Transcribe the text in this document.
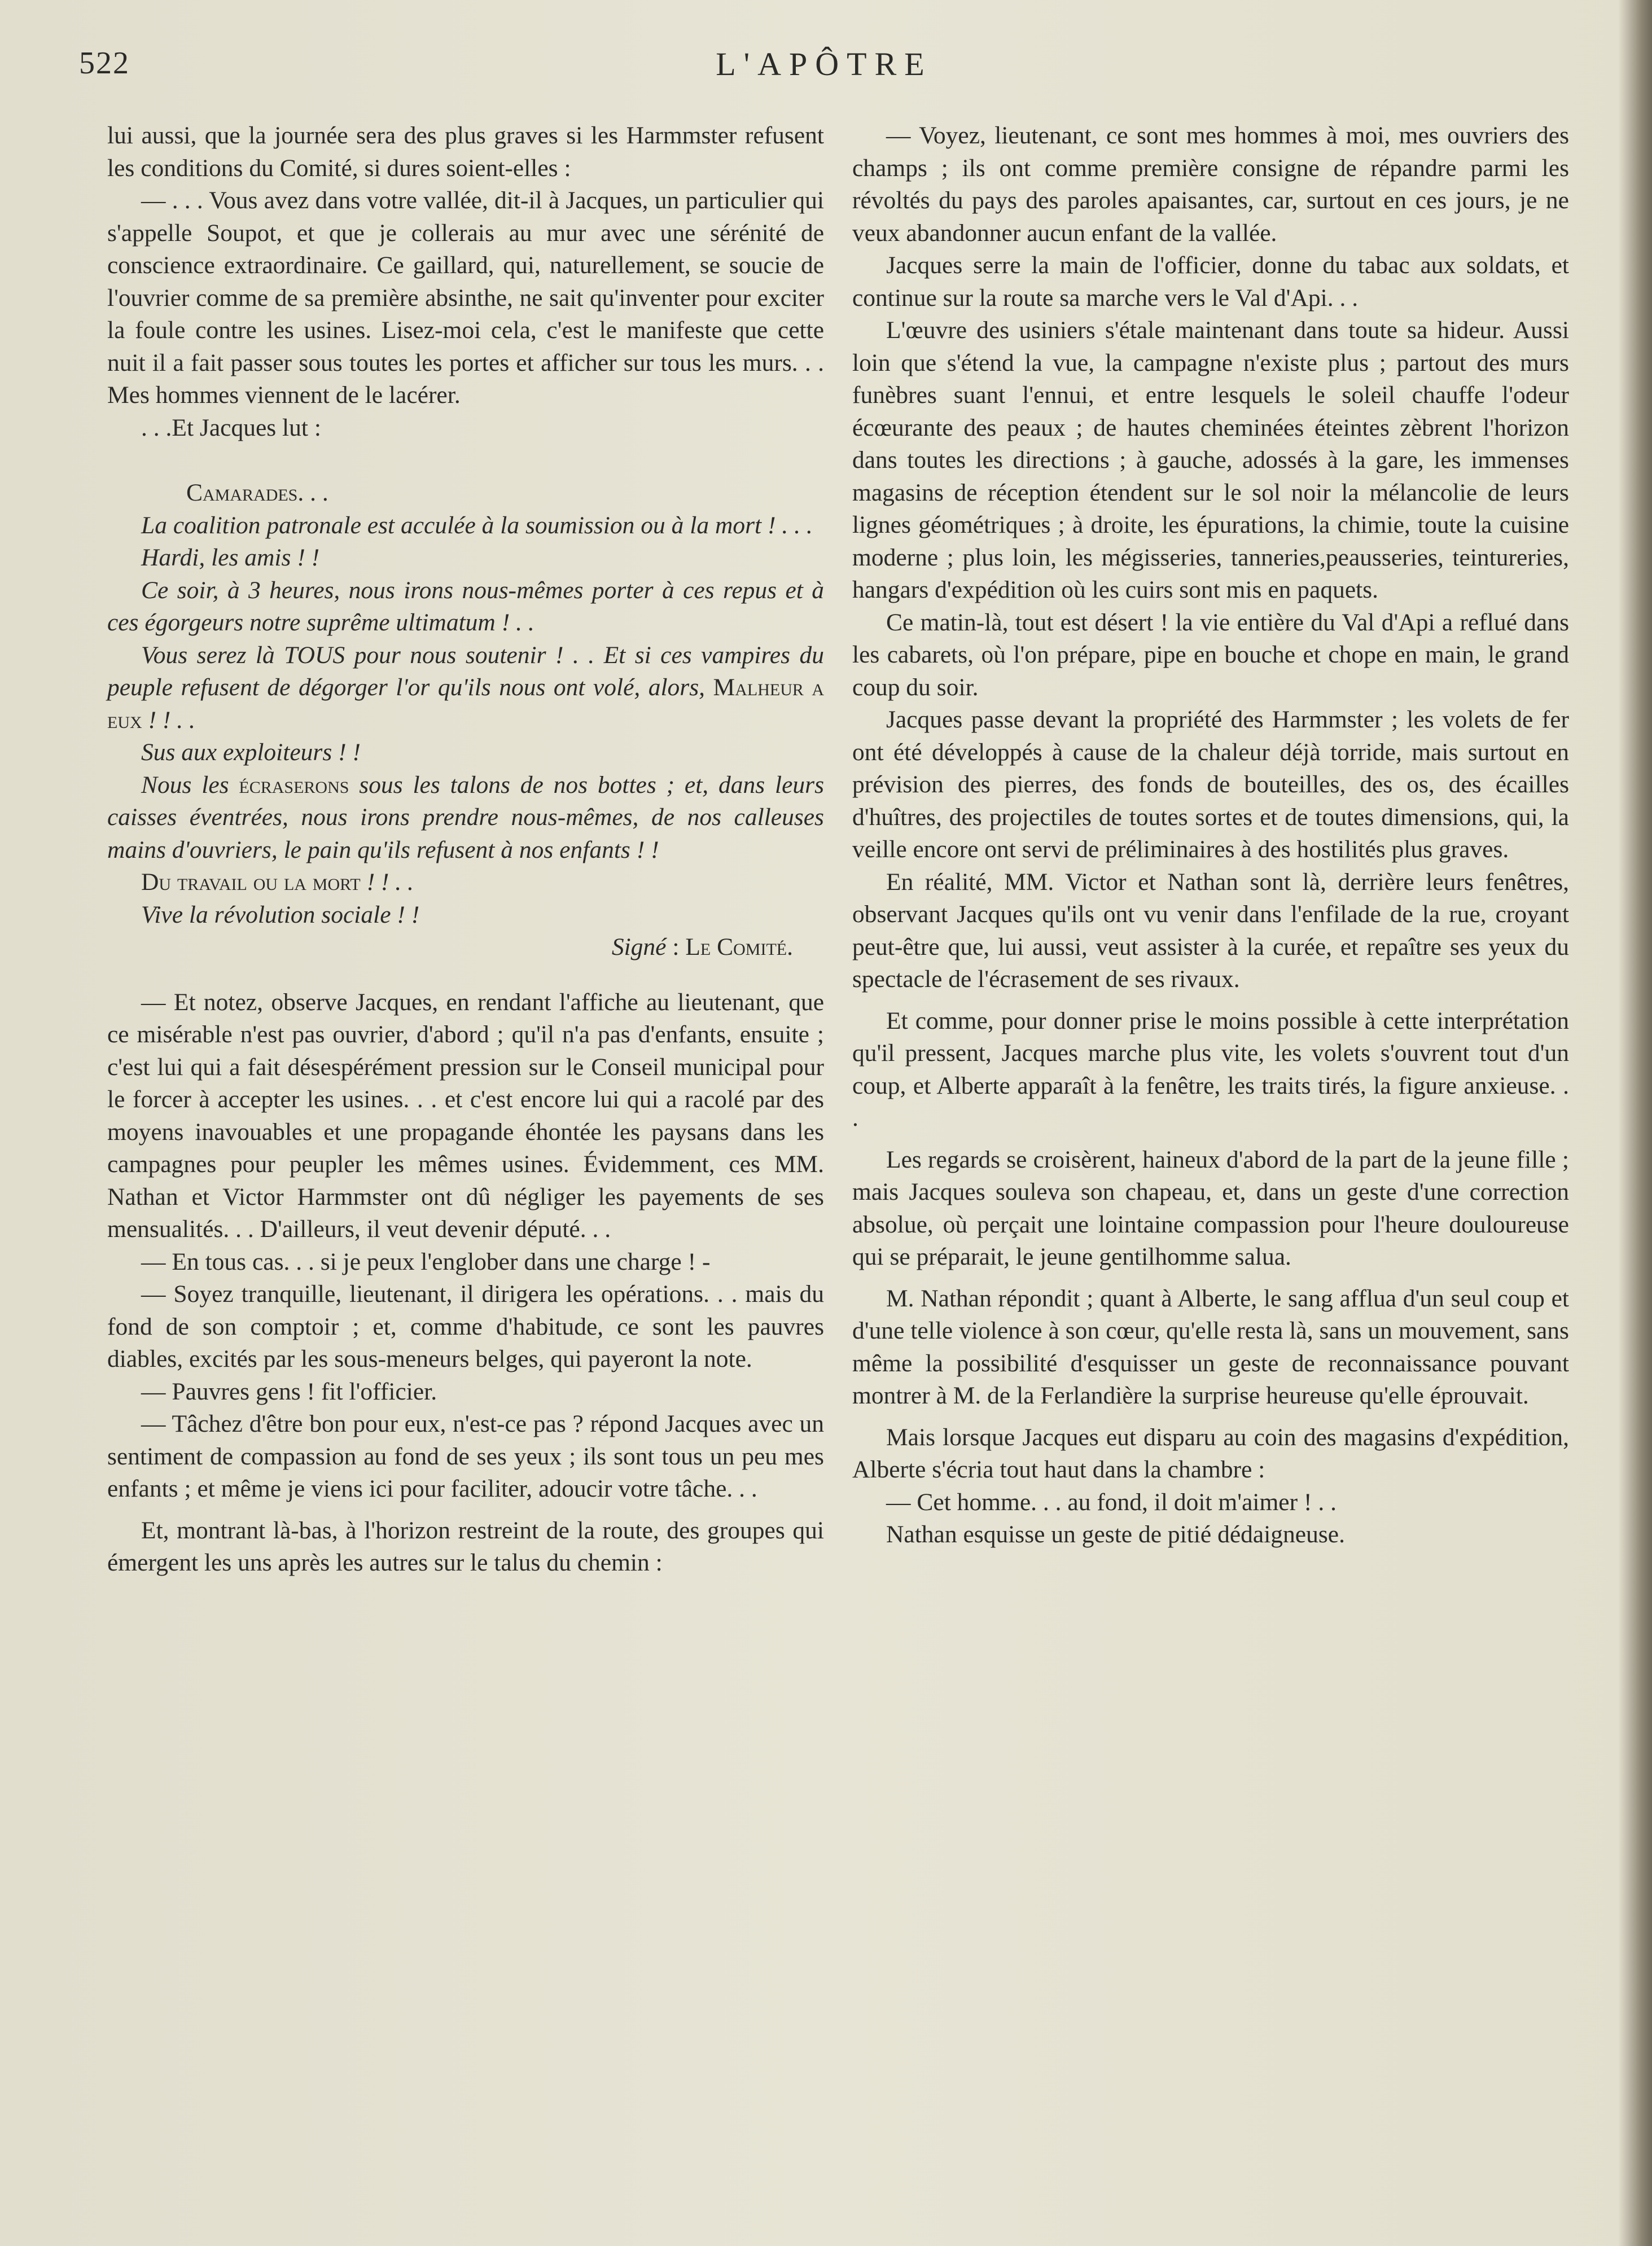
522	L'APÔTRE

lui aussi, que la journée sera des plus graves si les Harmmster refusent les conditions du Comité, si dures soient-elles :

— . . . Vous avez dans votre vallée, dit-il à Jacques, un particulier qui s'appelle Soupot, et que je collerais au mur avec une sérénité de conscience extraordinaire. Ce gaillard, qui, naturellement, se soucie de l'ouvrier comme de sa première absinthe, ne sait qu'inventer pour exciter la foule contre les usines. Lisez-moi cela, c'est le manifeste que cette nuit il a fait passer sous toutes les portes et afficher sur tous les murs. . . Mes hommes viennent de le lacérer.

. . .Et Jacques lut :

Camarades. . .

La coalition patronale est acculée à la soumission ou à la mort ! . . .

Hardi, les amis ! !

Ce soir, à 3 heures, nous irons nous-mêmes porter à ces repus et à ces égorgeurs notre suprême ultimatum ! . .

Vous serez là TOUS pour nous soutenir ! . . Et si ces vampires du peuple refusent de dégorger l'or qu'ils nous ont volé, alors, Malheur a eux ! ! . .

Sus aux exploiteurs ! !

Nous les écraserons sous les talons de nos bottes ; et, dans leurs caisses éventrées, nous irons prendre nous-mêmes, de nos calleuses mains d'ouvriers, le pain qu'ils refusent à nos enfants ! !

Du travail ou la mort ! ! . .

Vive la révolution sociale ! !

Signé : Le Comité.

— Et notez, observe Jacques, en rendant l'affiche au lieutenant, que ce misérable n'est pas ouvrier, d'abord ; qu'il n'a pas d'enfants, ensuite ; c'est lui qui a fait désespérément pression sur le Conseil municipal pour le forcer à accepter les usines. . . et c'est encore lui qui a racolé par des moyens inavouables et une propagande éhontée les paysans dans les campagnes pour peupler les mêmes usines. Évidemment, ces MM. Nathan et Victor Harmmster ont dû négliger les payements de ses mensualités. . . D'ailleurs, il veut devenir député. . .

— En tous cas. . . si je peux l'englober dans une charge ! -

— Soyez tranquille, lieutenant, il dirigera les opérations. . . mais du fond de son comptoir ; et, comme d'habitude, ce sont les pauvres diables, excités par les sous-meneurs belges, qui payeront la note.

— Pauvres gens ! fit l'officier.

— Tâchez d'être bon pour eux, n'est-ce pas ? répond Jacques avec un sentiment de compassion au fond de ses yeux ; ils sont tous un peu mes enfants ; et même je viens ici pour faciliter, adoucir votre tâche. . .

Et, montrant là-bas, à l'horizon restreint de la route, des groupes qui émergent les uns après les autres sur le talus du chemin :

— Voyez, lieutenant, ce sont mes hommes à moi, mes ouvriers des champs ; ils ont comme première consigne de répandre parmi les révoltés du pays des paroles apaisantes, car, surtout en ces jours, je ne veux abandonner aucun enfant de la vallée.

Jacques serre la main de l'officier, donne du tabac aux soldats, et continue sur la route sa marche vers le Val d'Api. . .

L'œuvre des usiniers s'étale maintenant dans toute sa hideur. Aussi loin que s'étend la vue, la campagne n'existe plus ; partout des murs funèbres suant l'ennui, et entre lesquels le soleil chauffe l'odeur écœurante des peaux ; de hautes cheminées éteintes zèbrent l'horizon dans toutes les directions ; à gauche, adossés à la gare, les immenses magasins de réception étendent sur le sol noir la mélancolie de leurs lignes géométriques ; à droite, les épurations, la chimie, toute la cuisine moderne ; plus loin, les mégisseries, tanneries,peausseries, teintureries, hangars d'expédition où les cuirs sont mis en paquets.

Ce matin-là, tout est désert ! la vie entière du Val d'Api a reflué dans les cabarets, où l'on prépare, pipe en bouche et chope en main, le grand coup du soir.

Jacques passe devant la propriété des Harmmster ; les volets de fer ont été développés à cause de la chaleur déjà torride, mais surtout en prévision des pierres, des fonds de bouteilles, des os, des écailles d'huîtres, des projectiles de toutes sortes et de toutes dimensions, qui, la veille encore ont servi de préliminaires à des hostilités plus graves.

En réalité, MM. Victor et Nathan sont là, derrière leurs fenêtres, observant Jacques qu'ils ont vu venir dans l'enfilade de la rue, croyant peut-être que, lui aussi, veut assister à la curée, et repaître ses yeux du spectacle de l'écrasement de ses rivaux.

Et comme, pour donner prise le moins possible à cette interprétation qu'il pressent, Jacques marche plus vite, les volets s'ouvrent tout d'un coup, et Alberte apparaît à la fenêtre, les traits tirés, la figure anxieuse. . .

Les regards se croisèrent, haineux d'abord de la part de la jeune fille ; mais Jacques souleva son chapeau, et, dans un geste d'une correction absolue, où perçait une lointaine compassion pour l'heure douloureuse qui se préparait, le jeune gentilhomme salua.

M. Nathan répondit ; quant à Alberte, le sang afflua d'un seul coup et d'une telle violence à son cœur, qu'elle resta là, sans un mouvement, sans même la possibilité d'esquisser un geste de reconnaissance pouvant montrer à M. de la Ferlandière la surprise heureuse qu'elle éprouvait.

Mais lorsque Jacques eut disparu au coin des magasins d'expédition, Alberte s'écria tout haut dans la chambre :

— Cet homme. . . au fond, il doit m'aimer ! . .

Nathan esquisse un geste de pitié dédaigneuse.
